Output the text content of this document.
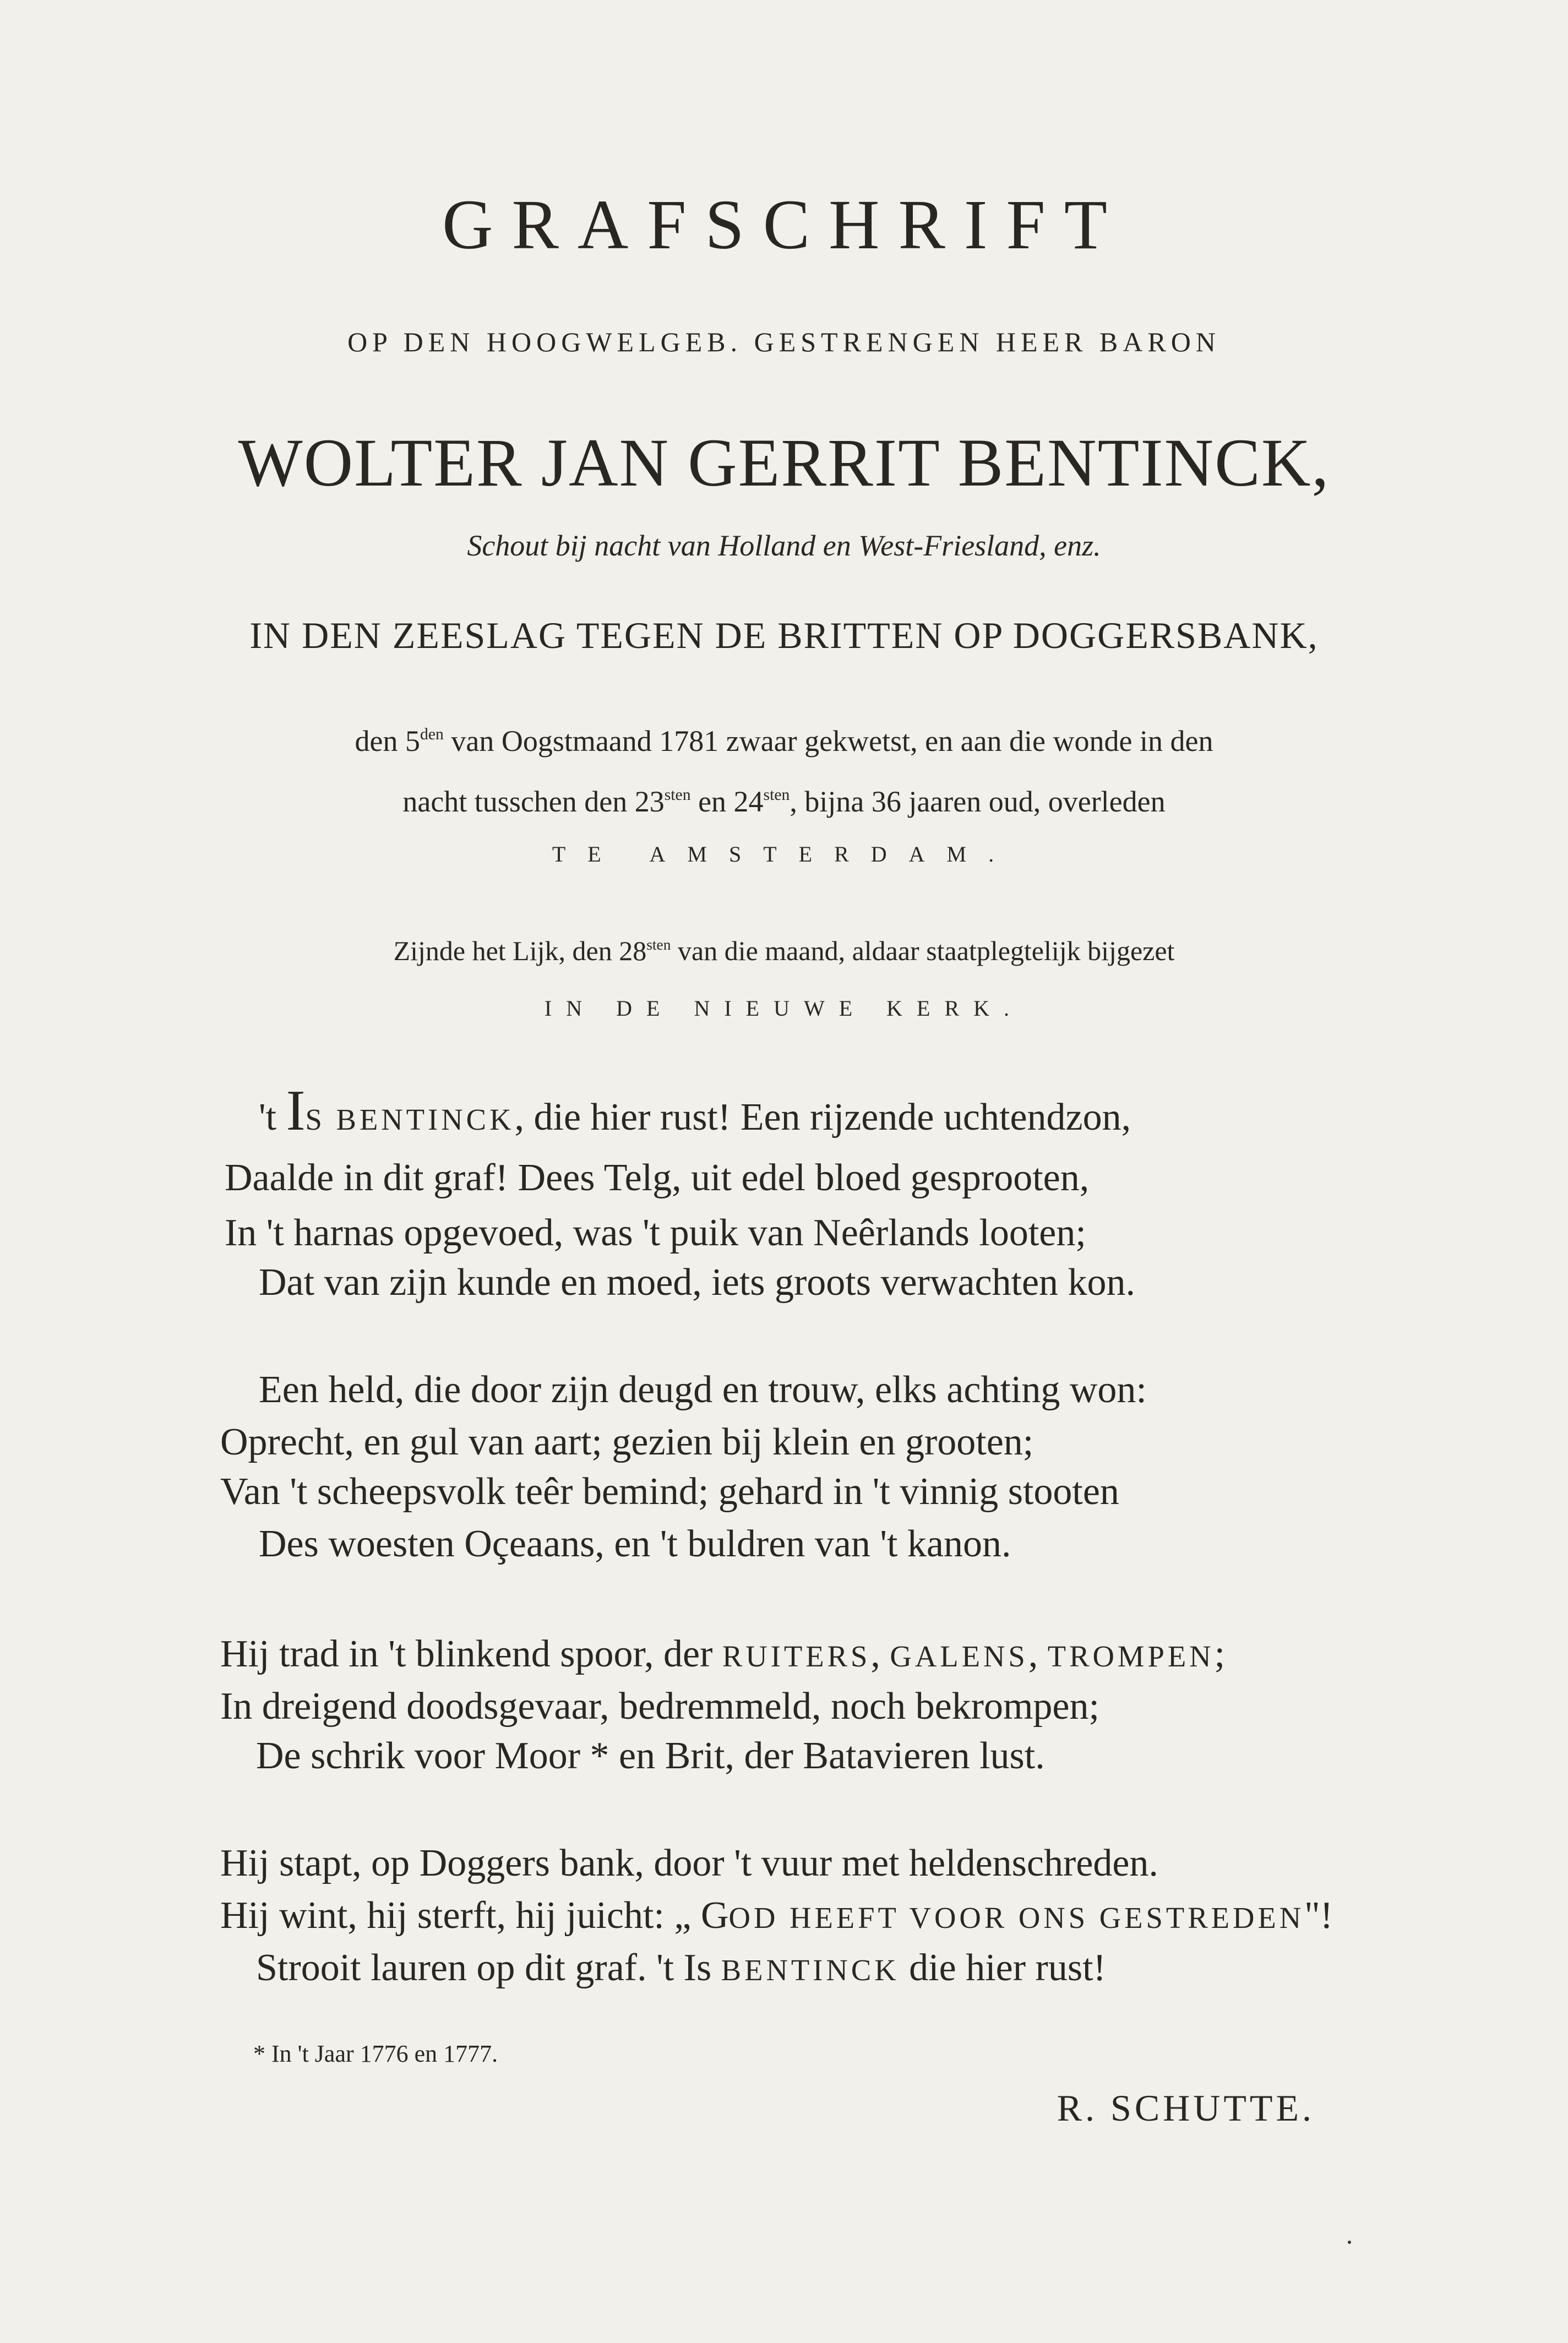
GRAFSCHRIFT
OP DEN HOOGWELGEB. GESTRENGEN HEER BARON
WOLTER JAN GERRIT BENTINCK,
Schout bij nacht van Holland en West-Friesland, enz.
IN DEN ZEESLAG TEGEN DE BRITTEN OP DOGGERSBANK,
den $5^{den}$ van Oogstmaand 1781 zwaar gekwetst, en aan die wonde in den
nacht tusschen den $23^{sten}$ en $24^{sten}$, bijna 36 jaaren oud, overleden
TE AMSTERDAM.
Zijnde het Lijk, den $28^{sten}$ van die maand, aldaar staatplegtelijk bijgezet
IN DE NIEUWE KERK.
't IS BENTINCK, die hier rust! Een rijzende uchtendzon,
Daalde in dit graf! Dees Telg, uit edel bloed gesprooten,
In 't harnas opgevoed, was 't puik van Neêrlands looten;
Dat van zijn kunde en moed, iets groots verwachten kon.
Een held, die door zijn deugd en trouw, elks achting won:
Oprecht, en gul van aart; gezien bij klein en grooten;
Van 't scheepsvolk teêr bemind; gehard in 't vinnig stooten
Des woesten Oçeaans, en 't buldren van 't kanon.
Hij trad in 't blinkend spoor, der RUITERS, GALENS, TROMPEN;
In dreigend doodsgevaar, bedremmeld, noch bekrompen;
De schrik voor Moor * en Brit, der Batavieren lust.
Hij stapt, op Doggers bank, door 't vuur met heldenschreden.
Hij wint, hij sterft, hij juicht: „ GOD HEEFT VOOR ONS GESTREDEN"!
Strooit lauren op dit graf. 't Is BENTINCK die hier rust!
* In 't Jaar 1776 en 1777.
R. SCHUTTE.
